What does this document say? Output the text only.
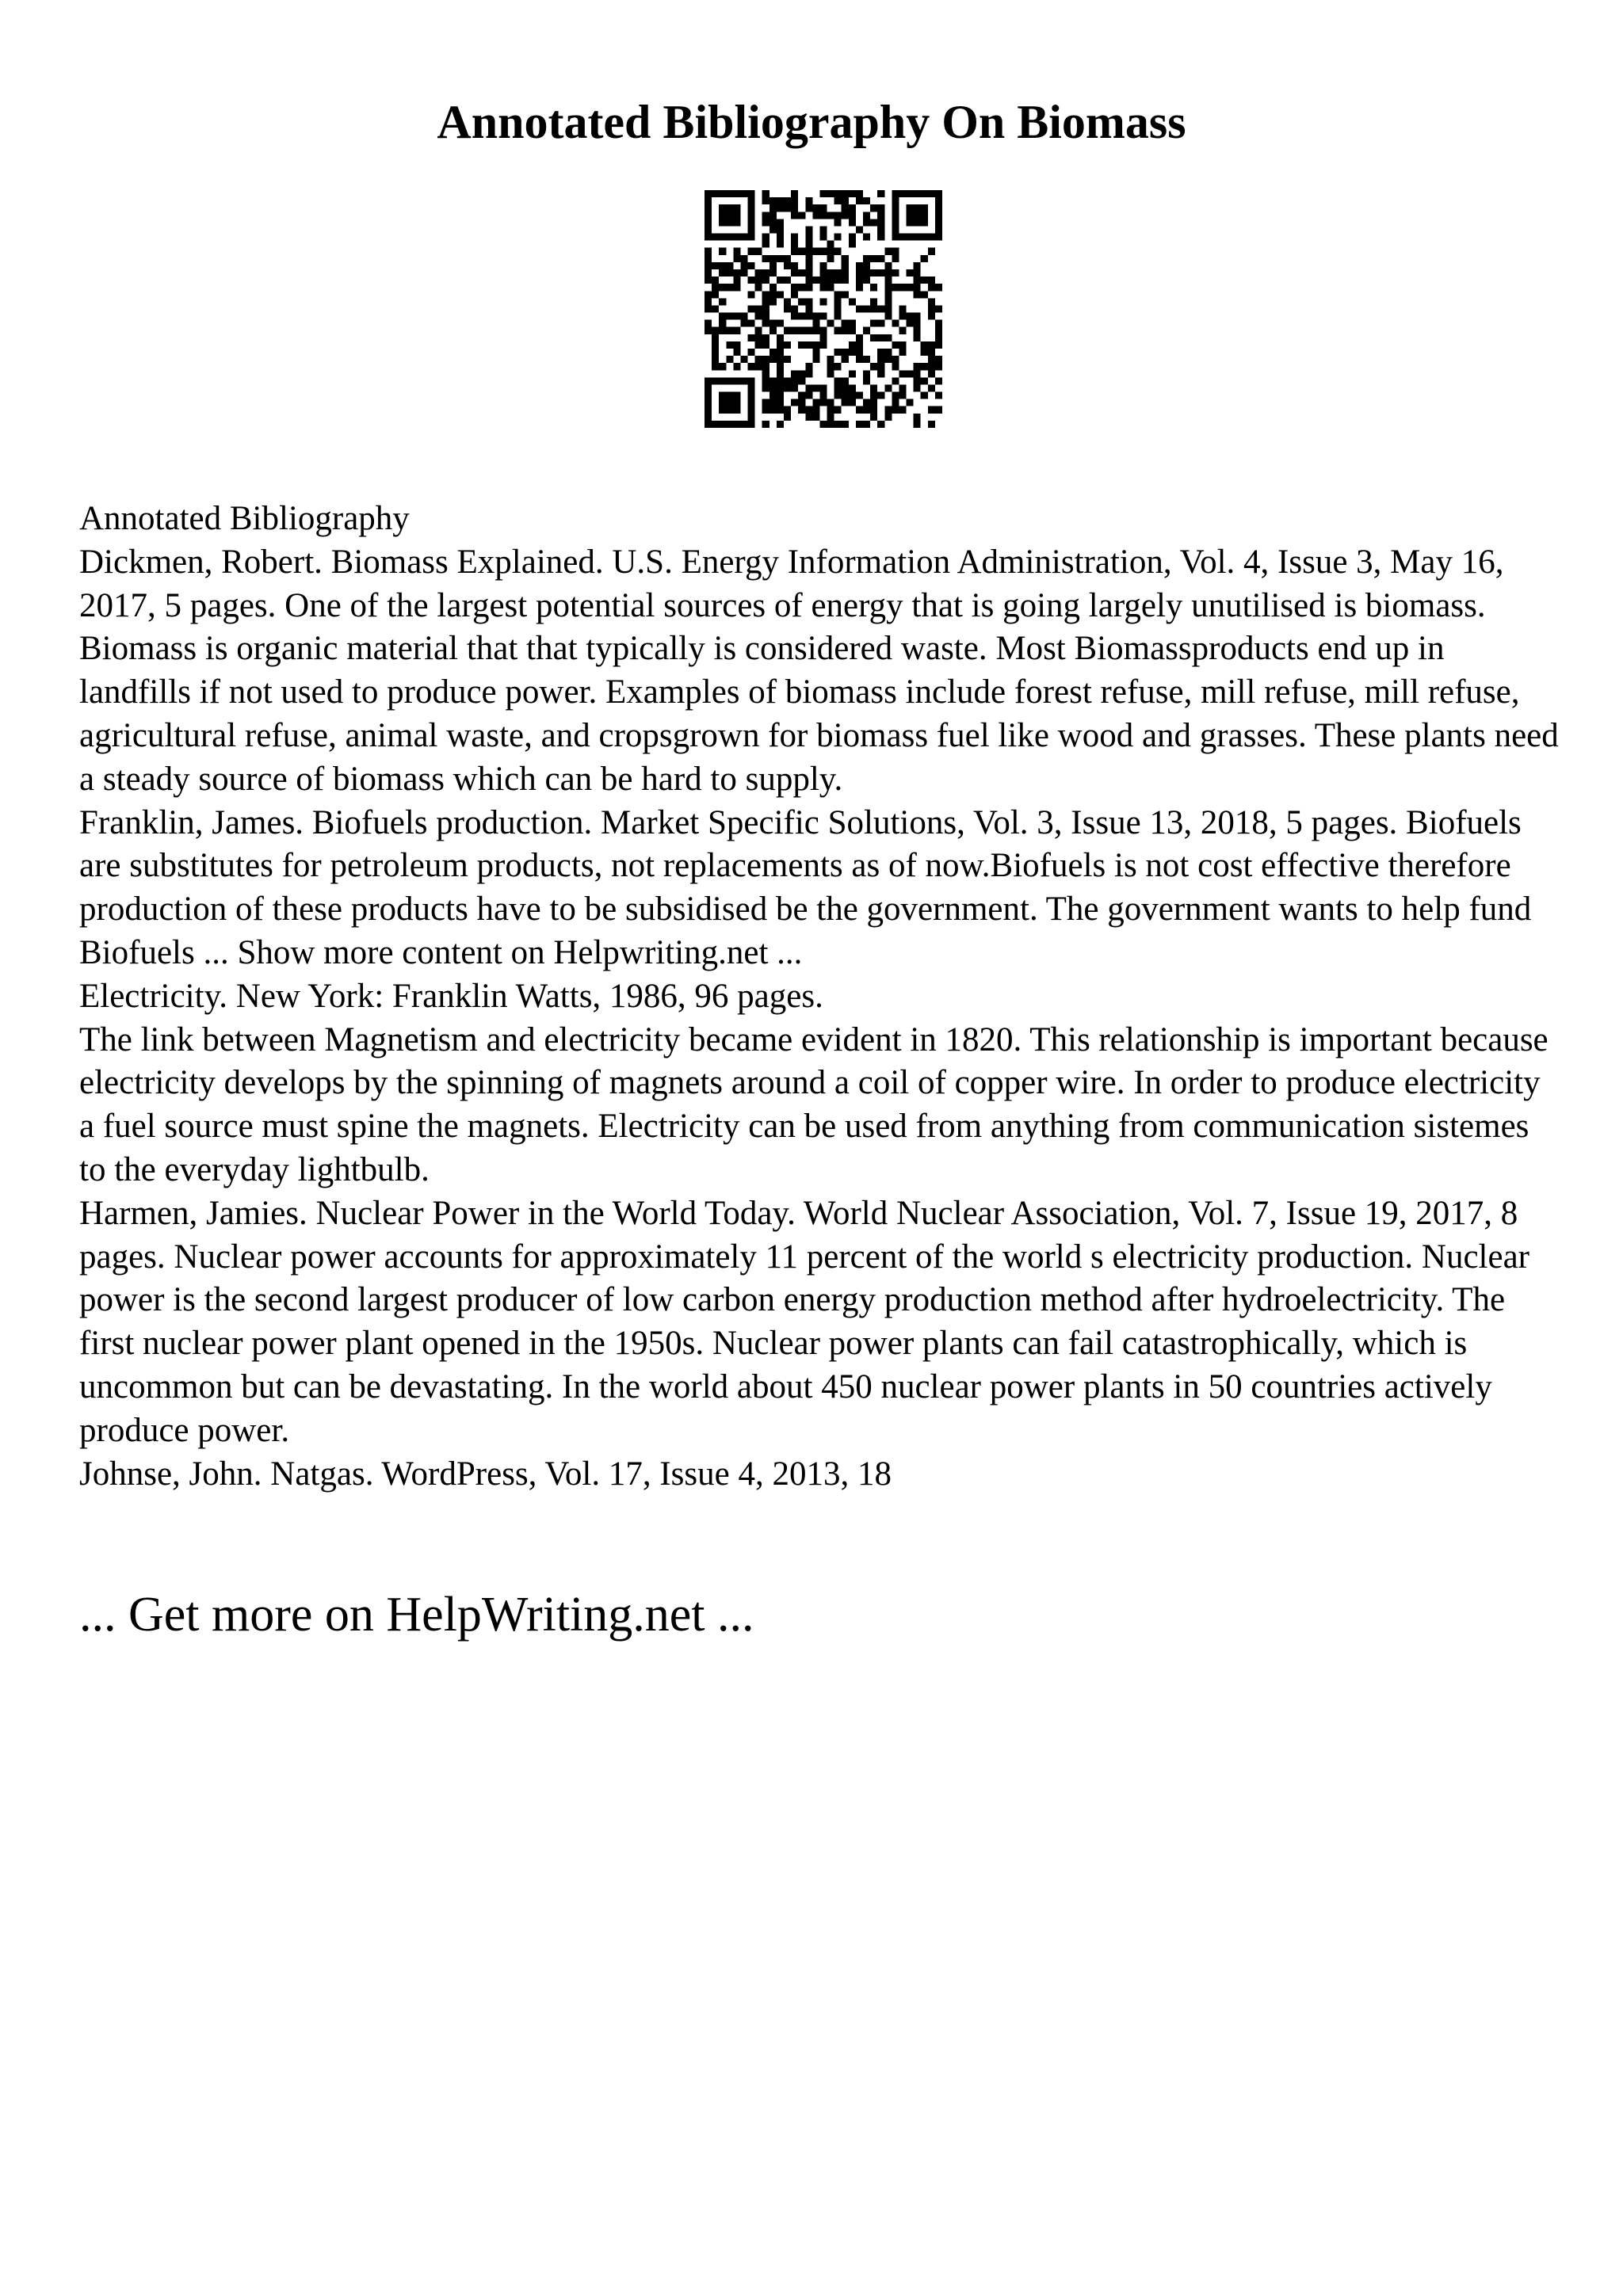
Annotated Bibliography On Biomass

Annotated Bibliography

Dickmen, Robert. Biomass Explained. U.S. Energy Information Administration, Vol. 4, Issue 3, May 16, 2017, 5 pages. One of the largest potential sources of energy that is going largely unutilised is biomass. Biomass is organic material that that typically is considered waste. Most Biomassproducts end up in landfills if not used to produce power. Examples of biomass include forest refuse, mill refuse, mill refuse, agricultural refuse, animal waste, and cropsgrown for biomass fuel like wood and grasses. These plants need a steady source of biomass which can be hard to supply.

Franklin, James. Biofuels production. Market Specific Solutions, Vol. 3, Issue 13, 2018, 5 pages. Biofuels are substitutes for petroleum products, not replacements as of now.Biofuels is not cost effective therefore production of these products have to be subsidised be the government. The government wants to help fund Biofuels ... Show more content on Helpwriting.net ...

Electricity. New York: Franklin Watts, 1986, 96 pages.

The link between Magnetism and electricity became evident in 1820. This relationship is important because electricity develops by the spinning of magnets around a coil of copper wire. In order to produce electricity a fuel source must spine the magnets. Electricity can be used from anything from communication sistemes to the everyday lightbulb.

Harmen, Jamies. Nuclear Power in the World Today. World Nuclear Association, Vol. 7, Issue 19, 2017, 8 pages. Nuclear power accounts for approximately 11 percent of the world s electricity production. Nuclear power is the second largest producer of low carbon energy production method after hydroelectricity. The first nuclear power plant opened in the 1950s. Nuclear power plants can fail catastrophically, which is uncommon but can be devastating. In the world about 450 nuclear power plants in 50 countries actively produce power.

Johnse, John. Natgas. WordPress, Vol. 17, Issue 4, 2013, 18

... Get more on HelpWriting.net ...
